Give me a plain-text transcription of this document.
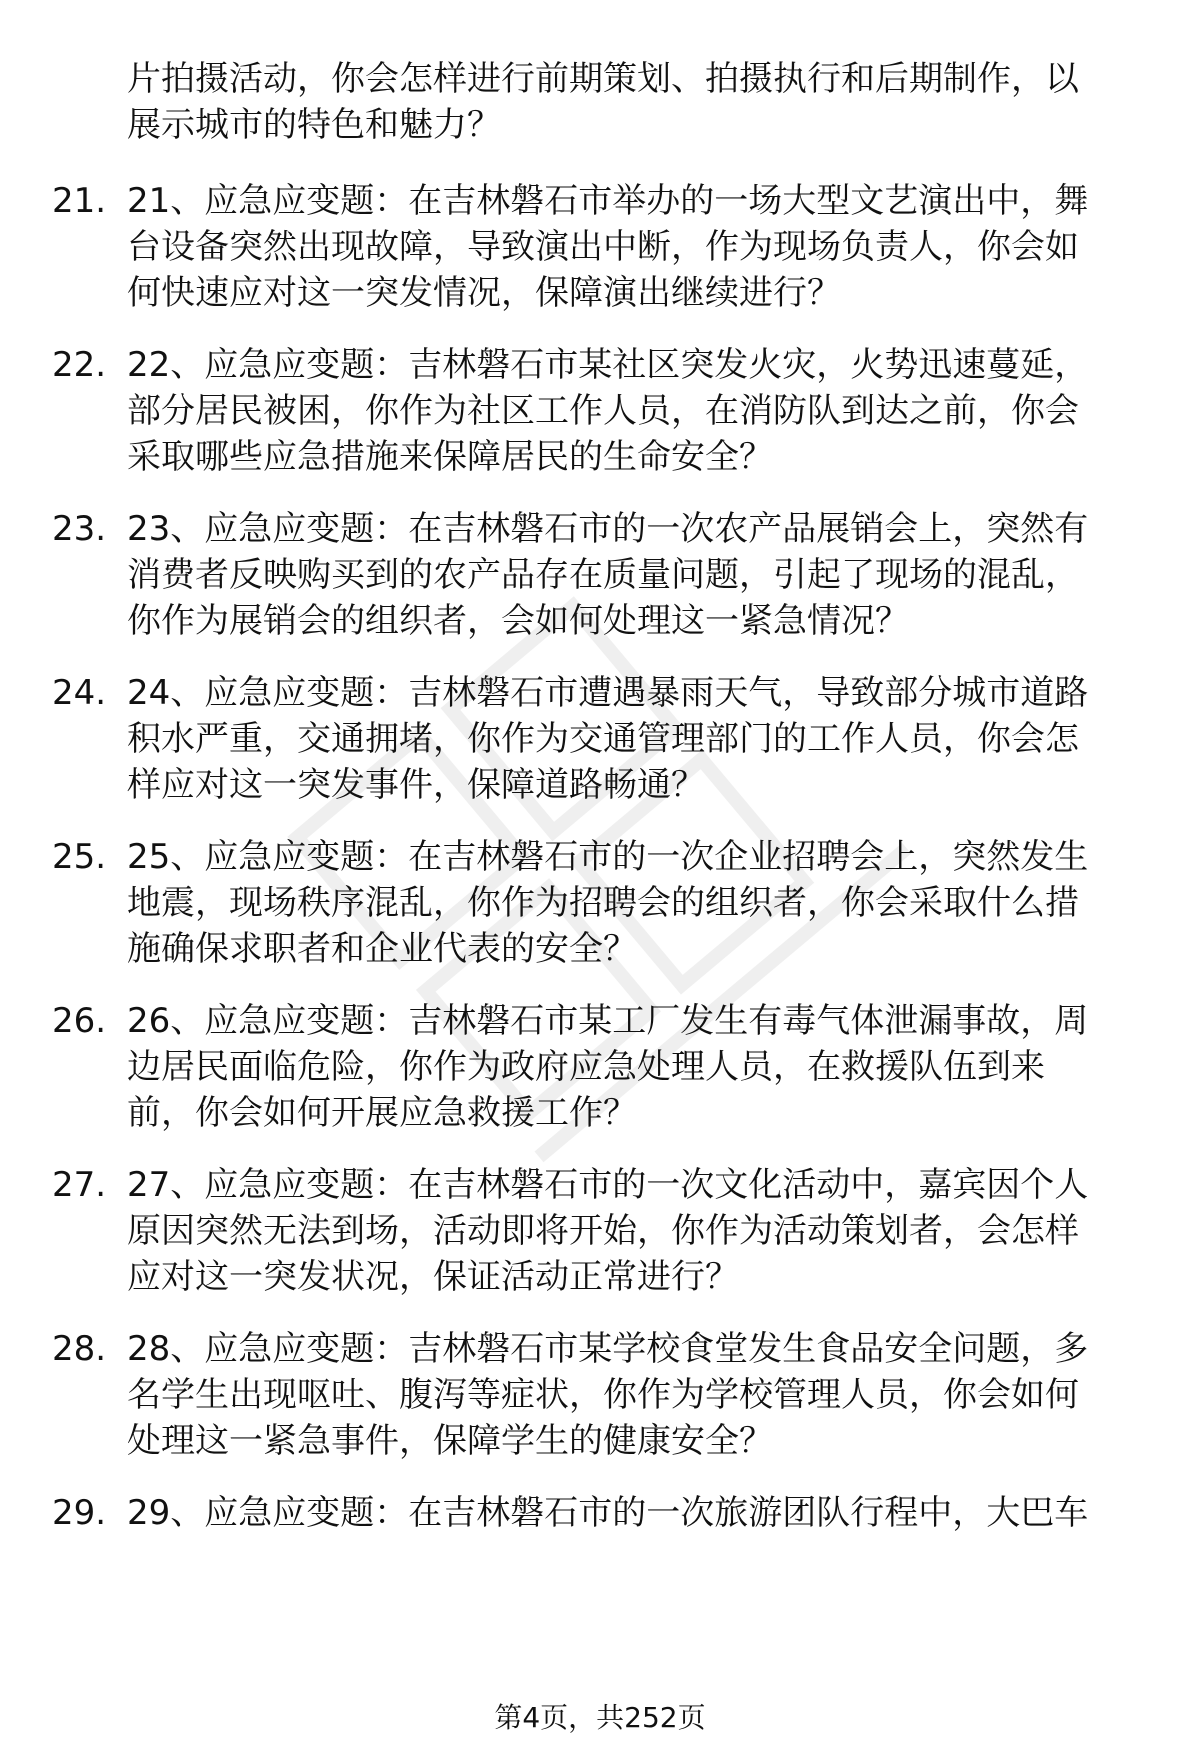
片拍摄活动，你会怎样进行前期策划、拍摄执行和后期制作，以
展示城市的特色和魅力？
21. 21、应急应变题：在吉林磐石市举办的一场大型文艺演出中，舞
台设备突然出现故障，导致演出中断，作为现场负责人，你会如
何快速应对这一突发情况，保障演出继续进行？
22. 22、应急应变题：吉林磐石市某社区突发火灾，火势迅速蔓延，
部分居民被困，你作为社区工作人员，在消防队到达之前，你会
采取哪些应急措施来保障居民的生命安全？
23. 23、应急应变题：在吉林磐石市的一次农产品展销会上，突然有
消费者反映购买到的农产品存在质量问题，引起了现场的混乱，
你作为展销会的组织者，会如何处理这一紧急情况？
24. 24、应急应变题：吉林磐石市遭遇暴雨天气，导致部分城市道路
积水严重，交通拥堵，你作为交通管理部门的工作人员，你会怎
样应对这一突发事件，保障道路畅通？
25. 25、应急应变题：在吉林磐石市的一次企业招聘会上，突然发生
地震，现场秩序混乱，你作为招聘会的组织者，你会采取什么措
施确保求职者和企业代表的安全？
26. 26、应急应变题：吉林磐石市某工厂发生有毒气体泄漏事故，周
边居民面临危险，你作为政府应急处理人员，在救援队伍到来
前，你会如何开展应急救援工作？
27. 27、应急应变题：在吉林磐石市的一次文化活动中，嘉宾因个人
原因突然无法到场，活动即将开始，你作为活动策划者，会怎样
应对这一突发状况，保证活动正常进行？
28. 28、应急应变题：吉林磐石市某学校食堂发生食品安全问题，多
名学生出现呕吐、腹泻等症状，你作为学校管理人员，你会如何
处理这一紧急事件，保障学生的健康安全？
29. 29、应急应变题：在吉林磐石市的一次旅游团队行程中，大巴车
第4页，共252页
